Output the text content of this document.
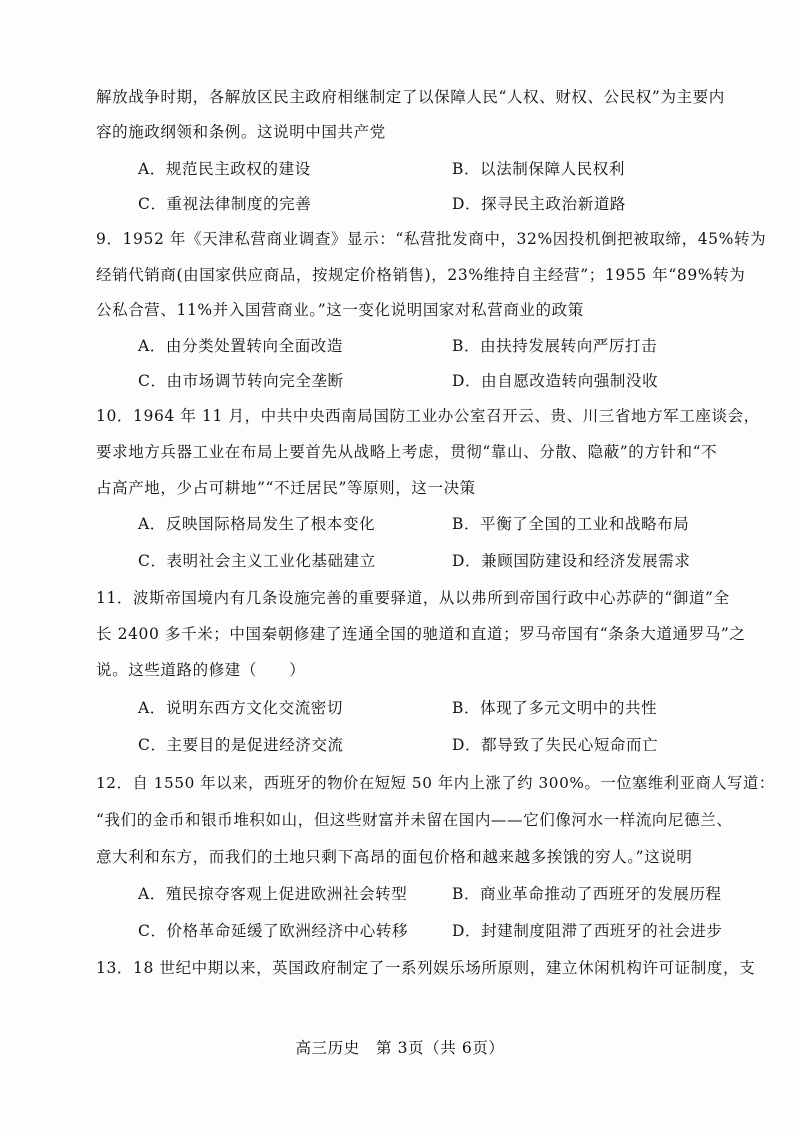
解放战争时期，各解放区民主政府相继制定了以保障人民“人权、财权、公民权”为主要内
容的施政纲领和条例。这说明中国共产党
A．规范民主政权的建设	B．以法制保障人民权利
C．重视法律制度的完善	D．探寻民主政治新道路
9．1952 年《天津私营商业调查》显示：“私营批发商中，32%因投机倒把被取缔，45%转为
经销代销商(由国家供应商品，按规定价格销售)，23%维持自主经营”；1955 年“89%转为
公私合营、11%并入国营商业。”这一变化说明国家对私营商业的政策
A．由分类处置转向全面改造	B．由扶持发展转向严厉打击
C．由市场调节转向完全垄断	D．由自愿改造转向强制没收
10．1964 年 11 月，中共中央西南局国防工业办公室召开云、贵、川三省地方军工座谈会，
要求地方兵器工业在布局上要首先从战略上考虑，贯彻“靠山、分散、隐蔽”的方针和“不
占高产地，少占可耕地”“不迁居民”等原则，这一决策
A．反映国际格局发生了根本变化	B．平衡了全国的工业和战略布局
C．表明社会主义工业化基础建立	D．兼顾国防建设和经济发展需求
11．波斯帝国境内有几条设施完善的重要驿道，从以弗所到帝国行政中心苏萨的“御道”全
长 2400 多千米；中国秦朝修建了连通全国的驰道和直道；罗马帝国有“条条大道通罗马”之
说。这些道路的修建（　　）
A．说明东西方文化交流密切	B．体现了多元文明中的共性
C．主要目的是促进经济交流	D．都导致了失民心短命而亡
12．自 1550 年以来，西班牙的物价在短短 50 年内上涨了约 300%。一位塞维利亚商人写道：
“我们的金币和银币堆积如山，但这些财富并未留在国内——它们像河水一样流向尼德兰、
意大利和东方，而我们的土地只剩下高昂的面包价格和越来越多挨饿的穷人。”这说明
A．殖民掠夺客观上促进欧洲社会转型	B．商业革命推动了西班牙的发展历程
C．价格革命延缓了欧洲经济中心转移	D．封建制度阻滞了西班牙的社会进步
13．18 世纪中期以来，英国政府制定了一系列娱乐场所原则，建立休闲机构许可证制度，支
高三历史　第 3页（共 6页）
